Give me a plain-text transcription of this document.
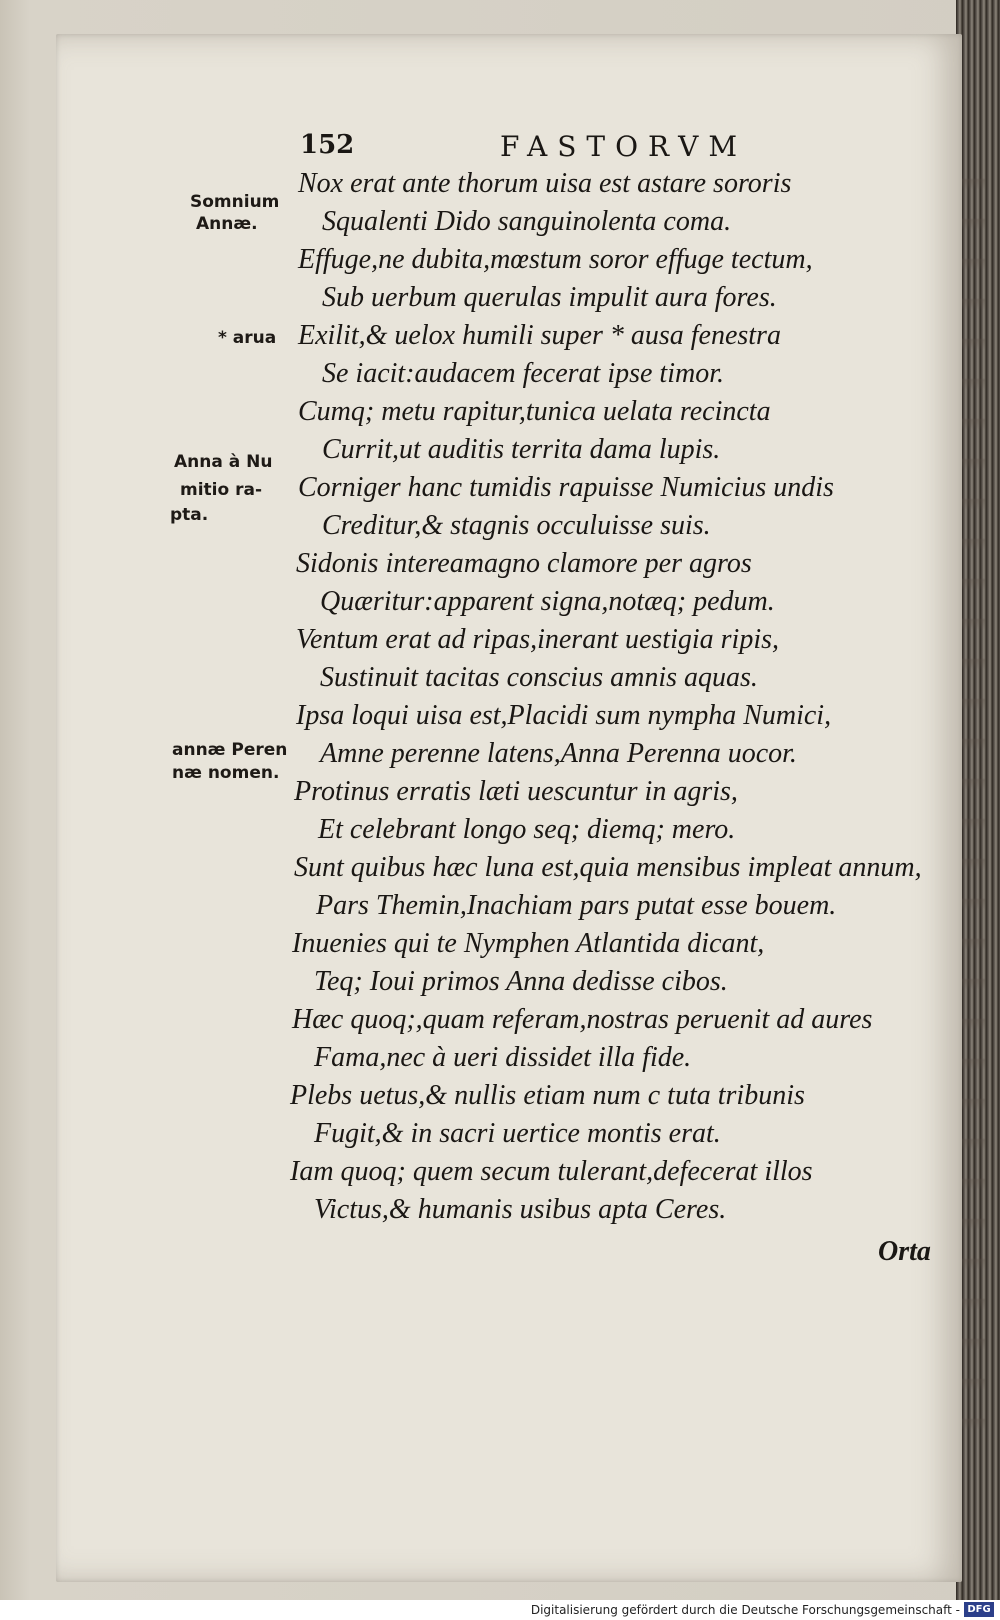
152	FASTORVM
Somnium
Annæ.
* arua
Anna à Nu
mitio ra-
pta.
annæ Peren
næ nomen.
Nox erat ante thorum uisa est astare sororis
Squalenti Dido sanguinolenta coma.
Effuge,ne dubita,mœstum soror effuge tectum,
Sub uerbum querulas impulit aura fores.
Exilit,& uelox humili super * ausa fenestra
Se iacit:audacem fecerat ipse timor.
Cumq; metu rapitur,tunica uelata recincta
Currit,ut auditis territa dama lupis.
Corniger hanc tumidis rapuisse Numicius undis
Creditur,& stagnis occuluisse suis.
Sidonis intereamagno clamore per agros
Quæritur:apparent signa,notæq; pedum.
Ventum erat ad ripas,inerant uestigia ripis,
Sustinuit tacitas conscius amnis aquas.
Ipsa loqui uisa est,Placidi sum nympha Numici,
Amne perenne latens,Anna Perenna uocor.
Protinus erratis læti uescuntur in agris,
Et celebrant longo seq; diemq; mero.
Sunt quibus hæc luna est,quia mensibus impleat annum,
Pars Themin,Inachiam pars putat esse bouem.
Inuenies qui te Nymphen Atlantida dicant,
Teq; Ioui primos Anna dedisse cibos.
Hæc quoq;,quam referam,nostras peruenit ad aures
Fama,nec à ueri dissidet illa fide.
Plebs uetus,& nullis etiam num c tuta tribunis
Fugit,& in sacri uertice montis erat.
Iam quoq; quem secum tulerant,defecerat illos
Victus,& humanis usibus apta Ceres.
Orta
Digitalisierung gefördert durch die Deutsche Forschungsgemeinschaft - DFG
